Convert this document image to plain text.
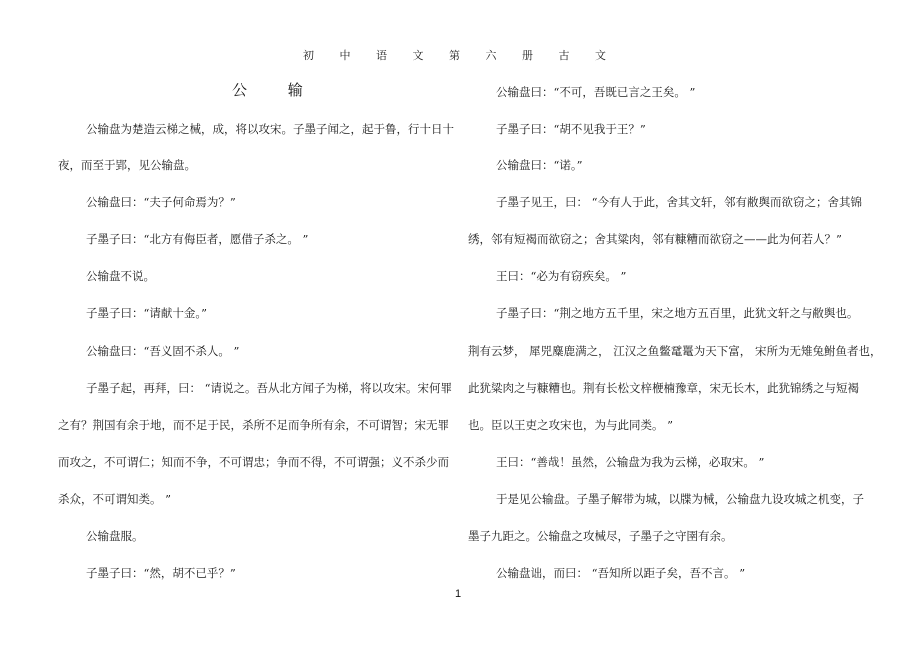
初 中 语 文 第 六 册 古 文
公 输
公输盘为楚造云梯之械，成，将以攻宋。子墨子闻之，起于鲁，行十日十
夜，而至于郢，见公输盘。
公输盘曰：“夫子何命焉为？”
子墨子曰：“北方有侮臣者，愿借子杀之。 ”
公输盘不说。
子墨子曰：“请献十金。”
公输盘曰：“吾义固不杀人。 ”
子墨子起，再拜，曰： “请说之。吾从北方闻子为梯，将以攻宋。宋何罪
之有？荆国有余于地，而不足于民，杀所不足而争所有余，不可谓智；宋无罪
而攻之，不可谓仁；知而不争，不可谓忠；争而不得，不可谓强；义不杀少而
杀众，不可谓知类。 ”
公输盘服。
子墨子曰：“然，胡不已乎？”
公输盘曰：“不可，吾既已言之王矣。 ”
子墨子曰：“胡不见我于王？”
公输盘曰：“诺。”
子墨子见王，曰： “今有人于此，舍其文轩，邻有敝舆而欲窃之；舍其锦
绣，邻有短褐而欲窃之；舍其粱肉，邻有糠糟而欲窃之——此为何若人？”
王曰：“必为有窃疾矣。 ”
子墨子曰：“荆之地方五千里，宋之地方五百里，此犹文轩之与敝舆也。
荆有云梦， 犀兕麋鹿满之， 江汉之鱼鳖鼋鼍为天下富， 宋所为无雉兔鲋鱼者也，
此犹粱肉之与糠糟也。荆有长松文梓楩楠豫章，宋无长木，此犹锦绣之与短褐
也。臣以王吏之攻宋也，为与此同类。 ”
王曰：“善哉！虽然，公输盘为我为云梯，必取宋。 ”
于是见公输盘。子墨子解带为城，以牒为械，公输盘九设攻城之机变，子
墨子九距之。公输盘之攻械尽，子墨子之守圉有余。
公输盘诎，而曰： “吾知所以距子矣，吾不言。 ”
1
